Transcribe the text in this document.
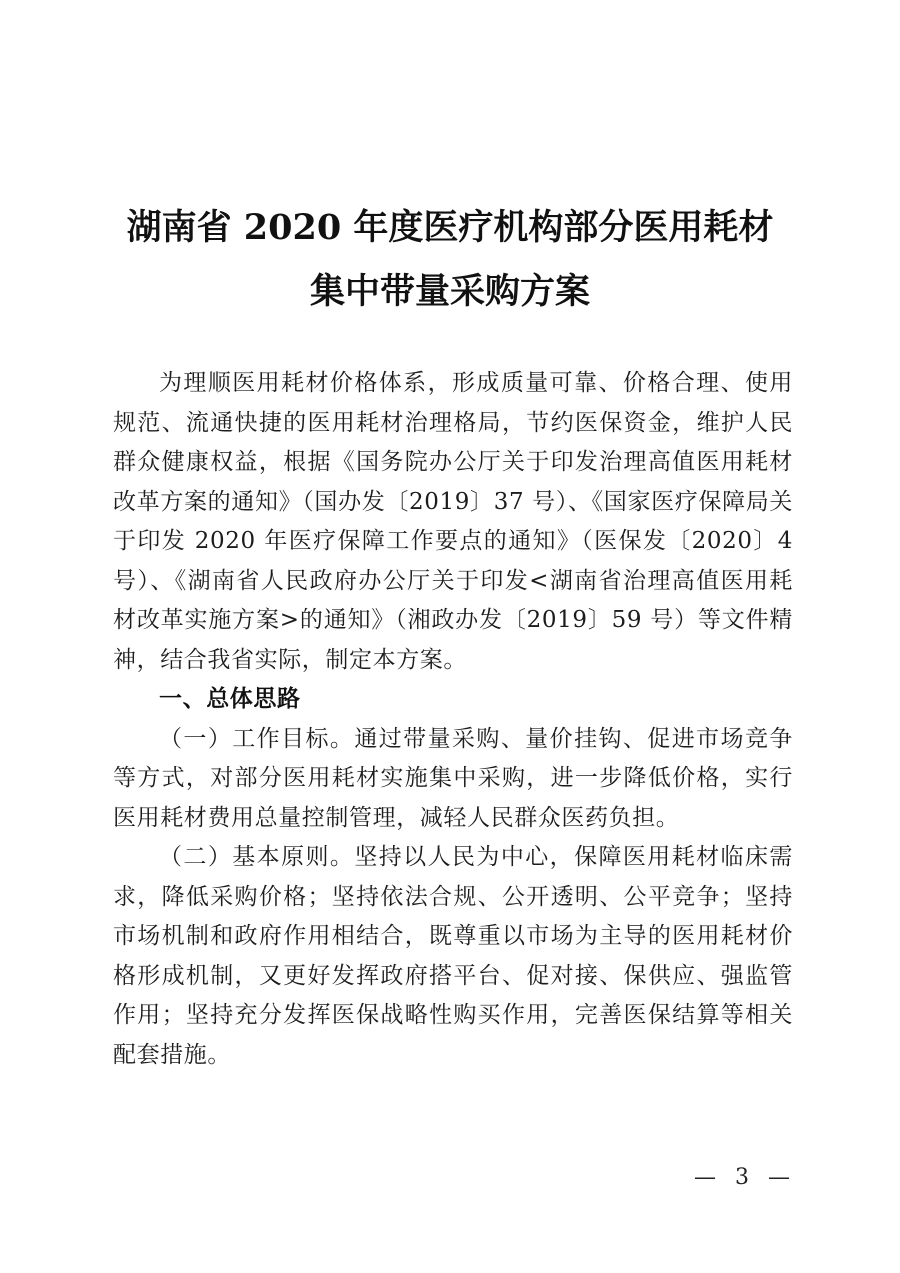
湖南省 2020 年度医疗机构部分医用耗材
集中带量采购方案

为理顺医用耗材价格体系，形成质量可靠、价格合理、使用规范、流通快捷的医用耗材治理格局，节约医保资金，维护人民群众健康权益，根据《国务院办公厅关于印发治理高值医用耗材改革方案的通知》（国办发〔2019〕37 号）、《国家医疗保障局关于印发 2020 年医疗保障工作要点的通知》（医保发〔2020〕4 号）、《湖南省人民政府办公厅关于印发<湖南省治理高值医用耗材改革实施方案>的通知》（湘政办发〔2019〕59 号）等文件精神，结合我省实际，制定本方案。

一、总体思路

（一）工作目标。通过带量采购、量价挂钩、促进市场竞争等方式，对部分医用耗材实施集中采购，进一步降低价格，实行医用耗材费用总量控制管理，减轻人民群众医药负担。

（二）基本原则。坚持以人民为中心，保障医用耗材临床需求，降低采购价格；坚持依法合规、公开透明、公平竞争；坚持市场机制和政府作用相结合，既尊重以市场为主导的医用耗材价格形成机制，又更好发挥政府搭平台、促对接、保供应、强监管作用；坚持充分发挥医保战略性购买作用，完善医保结算等相关配套措施。

— 3 —
